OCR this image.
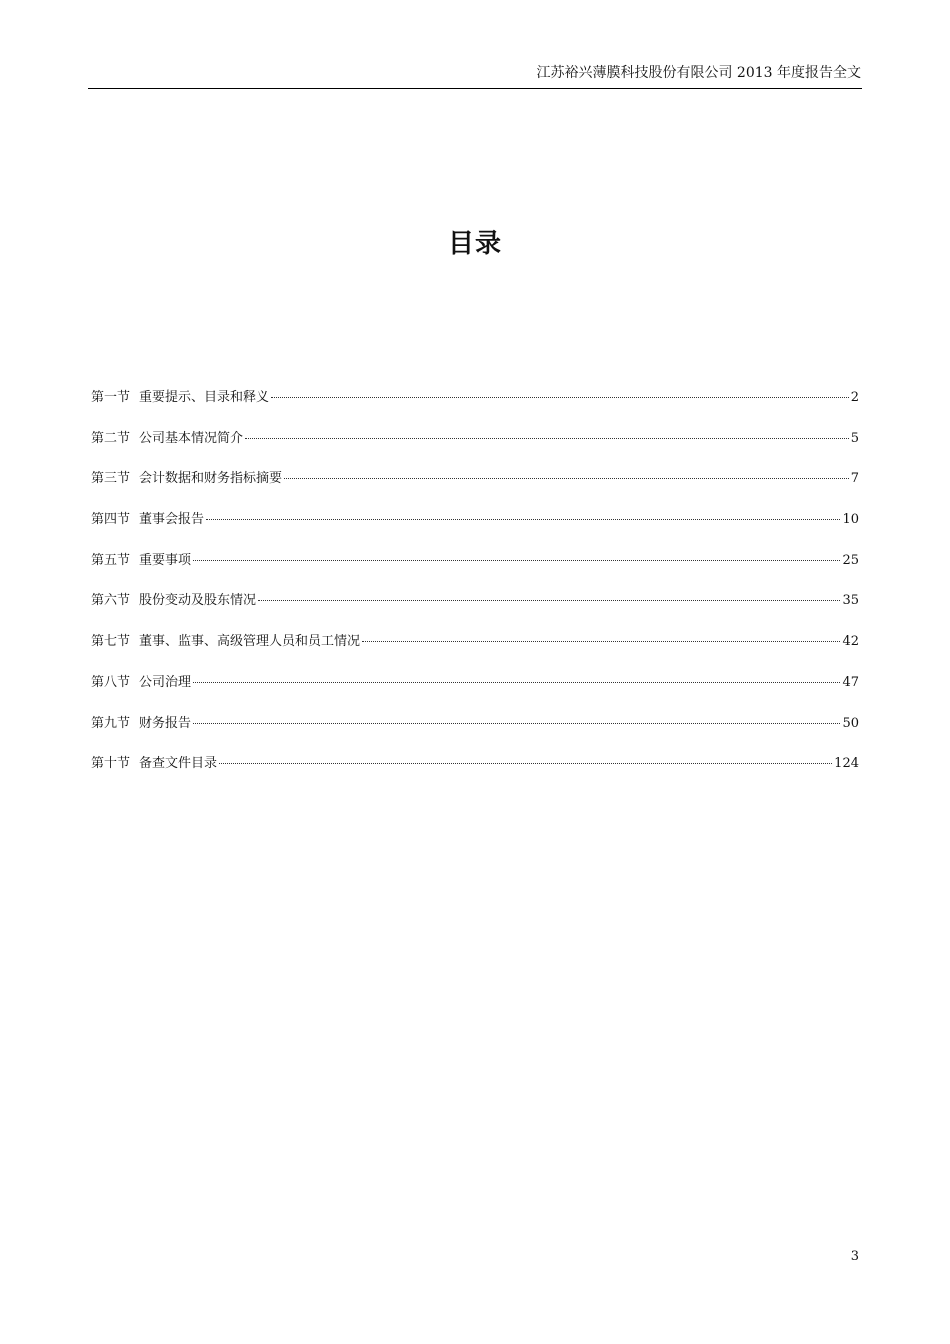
江苏裕兴薄膜科技股份有限公司 2013 年度报告全文
目录
第一节 重要提示、目录和释义	2
第二节 公司基本情况简介	5
第三节 会计数据和财务指标摘要	7
第四节 董事会报告	10
第五节 重要事项	25
第六节 股份变动及股东情况	35
第七节 董事、监事、高级管理人员和员工情况	42
第八节 公司治理	47
第九节 财务报告	50
第十节 备查文件目录	124
3
